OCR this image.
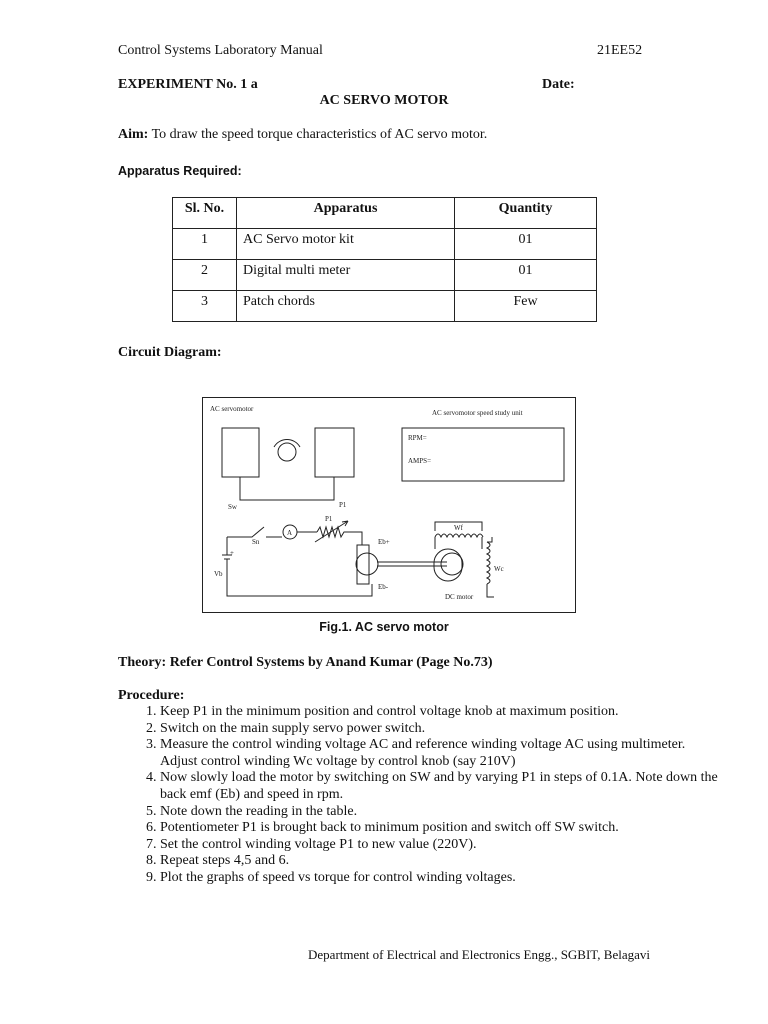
Control Systems Laboratory Manual	21EE52
EXPERIMENT No. 1 a	Date:
AC SERVO MOTOR
Aim: To draw the speed torque characteristics of AC servo motor.
Apparatus Required:
Sl. No.	Apparatus	Quantity
1	AC Servo motor kit	01
2	Digital multi meter	01
3	Patch chords	Few
Circuit Diagram:
AC servomotor	AC servomotor speed study unit
RPM=
AMPS=
Sw	P1
+
Vb
Sn
A
P1
Eb+
Eb-
Wf
Wc
DC motor
Fig.1. AC servo motor
Theory: Refer Control Systems by Anand Kumar (Page No.73)
Procedure:
1. Keep P1 in the minimum position and control voltage knob at maximum position.
2. Switch on the main supply servo power switch.
3. Measure the control winding voltage AC and reference winding voltage AC using multimeter. Adjust control winding Wc voltage by control knob (say 210V)
4. Now slowly load the motor by switching on SW and by varying P1 in steps of 0.1A. Note down the back emf (Eb) and speed in rpm.
5. Note down the reading in the table.
6. Potentiometer P1 is brought back to minimum position and switch off SW switch.
7. Set the control winding voltage P1 to new value (220V).
8. Repeat steps 4,5 and 6.
9. Plot the graphs of speed vs torque for control winding voltages.
Department of Electrical and Electronics Engg., SGBIT, Belagavi
